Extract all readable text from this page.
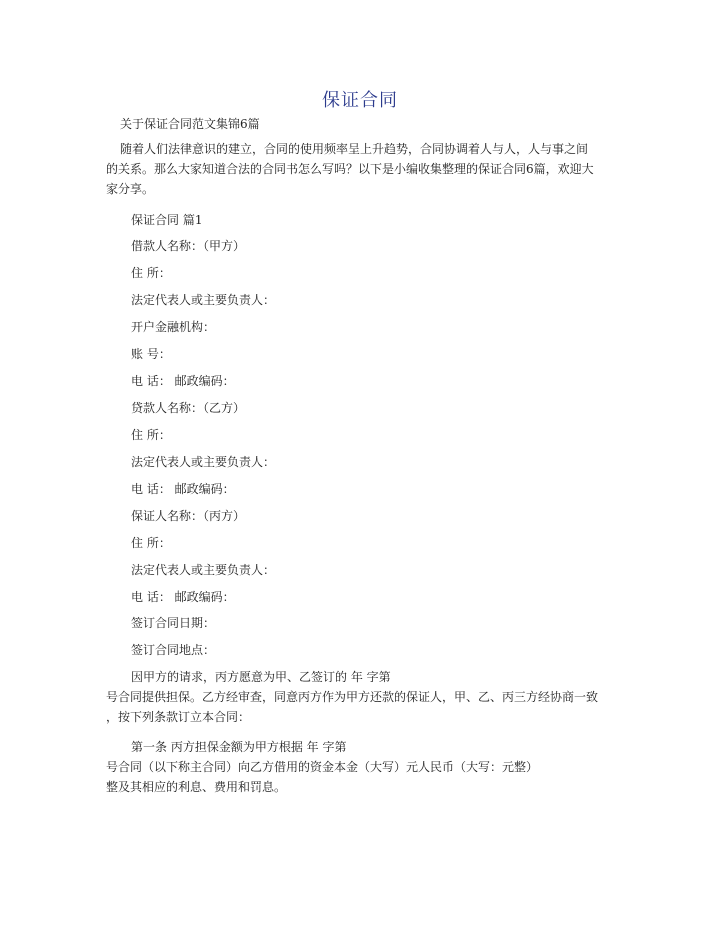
保证合同
关于保证合同范文集锦6篇
随着人们法律意识的建立，合同的使用频率呈上升趋势，合同协调着人与人，人与事之间
的关系。那么大家知道合法的合同书怎么写吗？以下是小编收集整理的保证合同6篇，欢迎大
家分享。
保证合同 篇1
借款人名称：（甲方）
住 所：
法定代表人或主要负责人：
开户金融机构：
账 号：
电 话： 邮政编码：
贷款人名称：（乙方）
住 所：
法定代表人或主要负责人：
电 话： 邮政编码：
保证人名称：（丙方）
住 所：
法定代表人或主要负责人：
电 话： 邮政编码：
签订合同日期：
签订合同地点：
因甲方的请求，丙方愿意为甲、乙签订的 年 字第
号合同提供担保。乙方经审查，同意丙方作为甲方还款的保证人，甲、乙、丙三方经协商一致
，按下列条款订立本合同：
第一条 丙方担保金额为甲方根据 年 字第
号合同（以下称主合同）向乙方借用的资金本金（大写）元人民币（大写：元整）
整及其相应的利息、费用和罚息。
